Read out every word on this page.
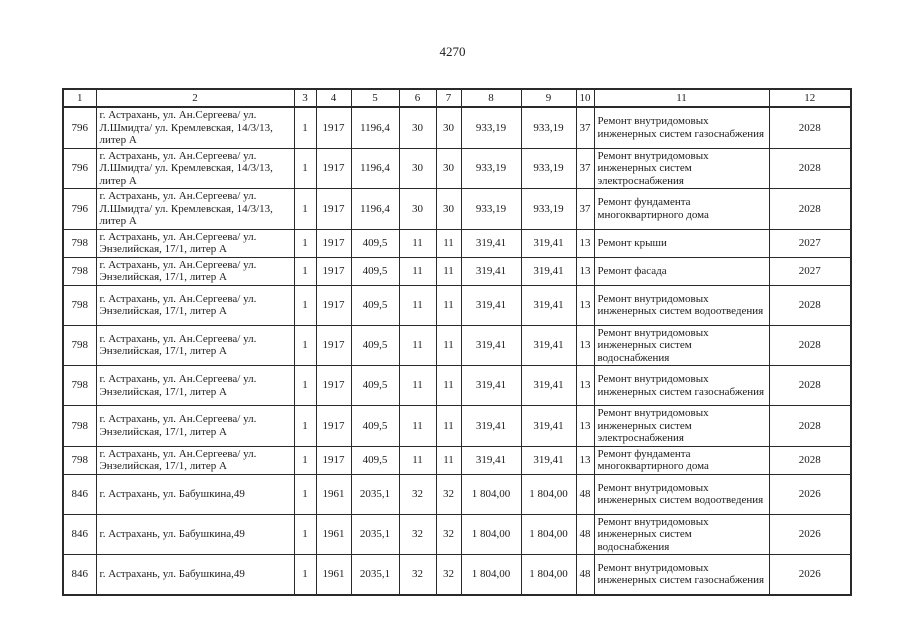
4270
1	2	3	4	5	6	7	8	9	10	11	12
796	г. Астрахань, ул. Ан.Сергеева/ ул. Л.Шмидта/ ул. Кремлевская, 14/3/13, литер А	1	1917	1196,4	30	30	933,19	933,19	37	Ремонт внутридомовых инженерных систем газоснабжения	2028
796	г. Астрахань, ул. Ан.Сергеева/ ул. Л.Шмидта/ ул. Кремлевская, 14/3/13, литер А	1	1917	1196,4	30	30	933,19	933,19	37	Ремонт внутридомовых инженерных систем электроснабжения	2028
796	г. Астрахань, ул. Ан.Сергеева/ ул. Л.Шмидта/ ул. Кремлевская, 14/3/13, литер А	1	1917	1196,4	30	30	933,19	933,19	37	Ремонт фундамента многоквартирного дома	2028
798	г. Астрахань, ул. Ан.Сергеева/ ул. Энзелийская, 17/1, литер А	1	1917	409,5	11	11	319,41	319,41	13	Ремонт крыши	2027
798	г. Астрахань, ул. Ан.Сергеева/ ул. Энзелийская, 17/1, литер А	1	1917	409,5	11	11	319,41	319,41	13	Ремонт фасада	2027
798	г. Астрахань, ул. Ан.Сергеева/ ул. Энзелийская, 17/1, литер А	1	1917	409,5	11	11	319,41	319,41	13	Ремонт внутридомовых инженерных систем водоотведения	2028
798	г. Астрахань, ул. Ан.Сергеева/ ул. Энзелийская, 17/1, литер А	1	1917	409,5	11	11	319,41	319,41	13	Ремонт внутридомовых инженерных систем водоснабжения	2028
798	г. Астрахань, ул. Ан.Сергеева/ ул. Энзелийская, 17/1, литер А	1	1917	409,5	11	11	319,41	319,41	13	Ремонт внутридомовых инженерных систем газоснабжения	2028
798	г. Астрахань, ул. Ан.Сергеева/ ул. Энзелийская, 17/1, литер А	1	1917	409,5	11	11	319,41	319,41	13	Ремонт внутридомовых инженерных систем электроснабжения	2028
798	г. Астрахань, ул. Ан.Сергеева/ ул. Энзелийская, 17/1, литер А	1	1917	409,5	11	11	319,41	319,41	13	Ремонт фундамента многоквартирного дома	2028
846	г. Астрахань, ул. Бабушкина,49	1	1961	2035,1	32	32	1 804,00	1 804,00	48	Ремонт внутридомовых инженерных систем водоотведения	2026
846	г. Астрахань, ул. Бабушкина,49	1	1961	2035,1	32	32	1 804,00	1 804,00	48	Ремонт внутридомовых инженерных систем водоснабжения	2026
846	г. Астрахань, ул. Бабушкина,49	1	1961	2035,1	32	32	1 804,00	1 804,00	48	Ремонт внутридомовых инженерных систем газоснабжения	2026
